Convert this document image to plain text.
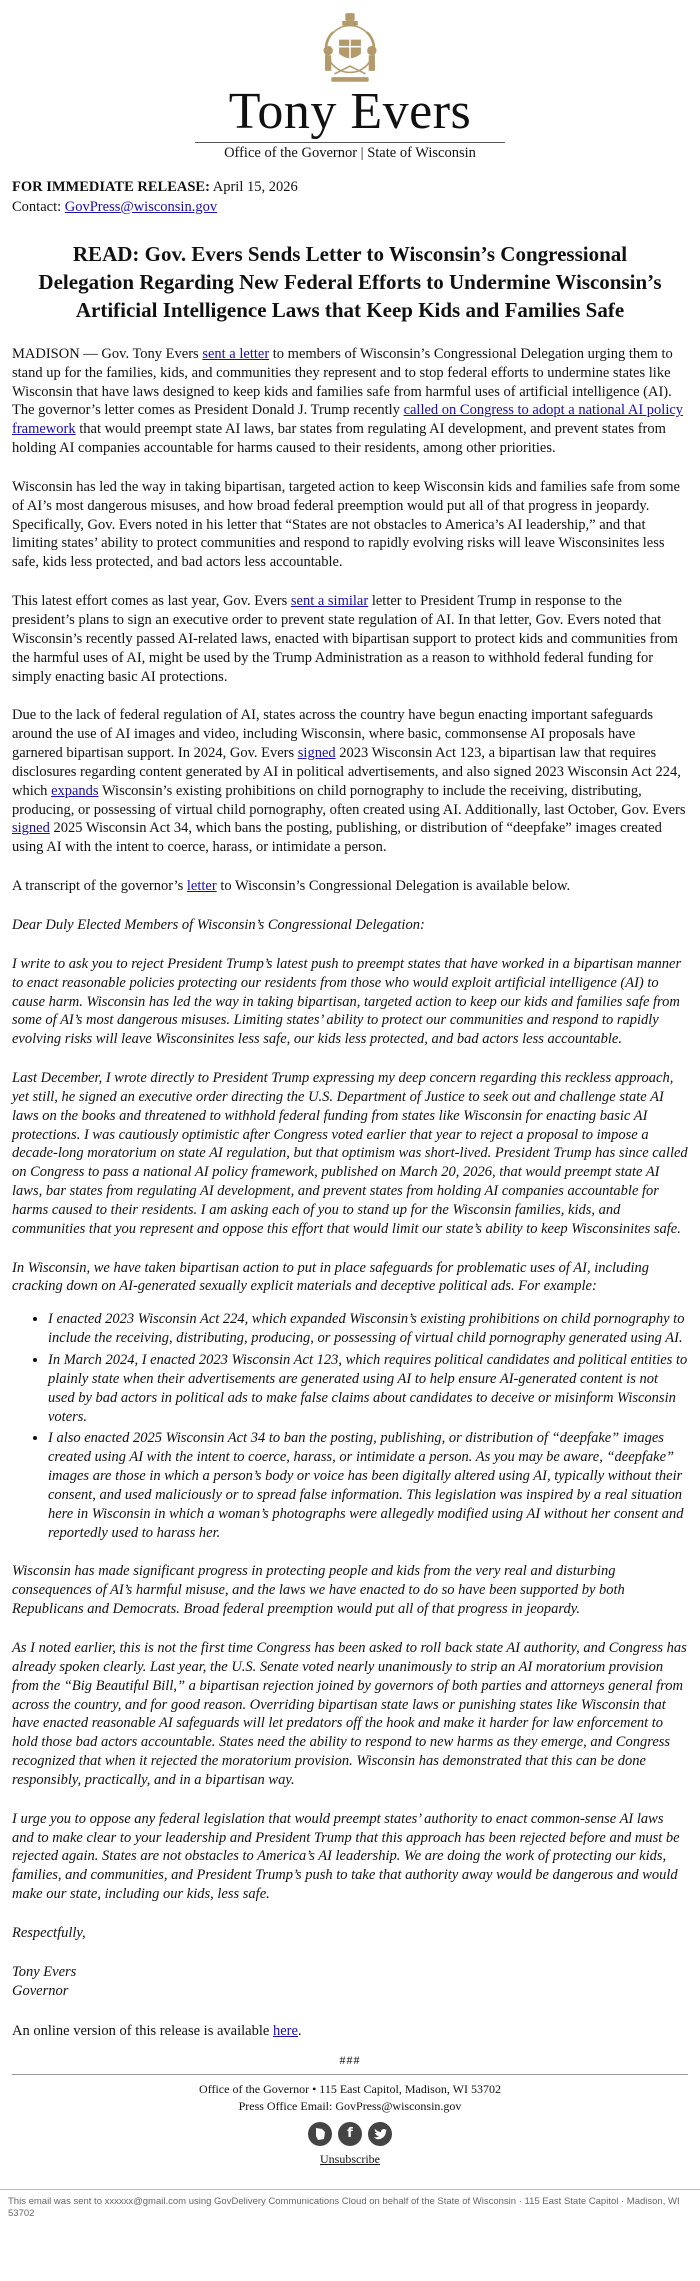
Tony Evers
Office of the Governor | State of Wisconsin
FOR IMMEDIATE RELEASE: April 15, 2026
Contact: GovPress@wisconsin.gov
READ: Gov. Evers Sends Letter to Wisconsin’s Congressional Delegation Regarding New Federal Efforts to Undermine Wisconsin’s Artificial Intelligence Laws that Keep Kids and Families Safe

MADISON — Gov. Tony Evers sent a letter to members of Wisconsin’s Congressional Delegation urging them to stand up for the families, kids, and communities they represent and to stop federal efforts to undermine states like Wisconsin that have laws designed to keep kids and families safe from harmful uses of artificial intelligence (AI). The governor’s letter comes as President Donald J. Trump recently called on Congress to adopt a national AI policy framework that would preempt state AI laws, bar states from regulating AI development, and prevent states from holding AI companies accountable for harms caused to their residents, among other priorities.

Wisconsin has led the way in taking bipartisan, targeted action to keep Wisconsin kids and families safe from some of AI’s most dangerous misuses, and how broad federal preemption would put all of that progress in jeopardy. Specifically, Gov. Evers noted in his letter that “States are not obstacles to America’s AI leadership,” and that limiting states’ ability to protect communities and respond to rapidly evolving risks will leave Wisconsinites less safe, kids less protected, and bad actors less accountable.

This latest effort comes as last year, Gov. Evers sent a similar letter to President Trump in response to the president’s plans to sign an executive order to prevent state regulation of AI. In that letter, Gov. Evers noted that Wisconsin’s recently passed AI-related laws, enacted with bipartisan support to protect kids and communities from the harmful uses of AI, might be used by the Trump Administration as a reason to withhold federal funding for simply enacting basic AI protections.

Due to the lack of federal regulation of AI, states across the country have begun enacting important safeguards around the use of AI images and video, including Wisconsin, where basic, commonsense AI proposals have garnered bipartisan support. In 2024, Gov. Evers signed 2023 Wisconsin Act 123, a bipartisan law that requires disclosures regarding content generated by AI in political advertisements, and also signed 2023 Wisconsin Act 224, which expands Wisconsin’s existing prohibitions on child pornography to include the receiving, distributing, producing, or possessing of virtual child pornography, often created using AI. Additionally, last October, Gov. Evers signed 2025 Wisconsin Act 34, which bans the posting, publishing, or distribution of “deepfake” images created using AI with the intent to coerce, harass, or intimidate a person.

A transcript of the governor’s letter to Wisconsin’s Congressional Delegation is available below.

Dear Duly Elected Members of Wisconsin’s Congressional Delegation:

I write to ask you to reject President Trump’s latest push to preempt states that have worked in a bipartisan manner to enact reasonable policies protecting our residents from those who would exploit artificial intelligence (AI) to cause harm. Wisconsin has led the way in taking bipartisan, targeted action to keep our kids and families safe from some of AI’s most dangerous misuses. Limiting states’ ability to protect our communities and respond to rapidly evolving risks will leave Wisconsinites less safe, our kids less protected, and bad actors less accountable.

Last December, I wrote directly to President Trump expressing my deep concern regarding this reckless approach, yet still, he signed an executive order directing the U.S. Department of Justice to seek out and challenge state AI laws on the books and threatened to withhold federal funding from states like Wisconsin for enacting basic AI protections. I was cautiously optimistic after Congress voted earlier that year to reject a proposal to impose a decade-long moratorium on state AI regulation, but that optimism was short-lived. President Trump has since called on Congress to pass a national AI policy framework, published on March 20, 2026, that would preempt state AI laws, bar states from regulating AI development, and prevent states from holding AI companies accountable for harms caused to their residents. I am asking each of you to stand up for the Wisconsin families, kids, and communities that you represent and oppose this effort that would limit our state’s ability to keep Wisconsinites safe.

In Wisconsin, we have taken bipartisan action to put in place safeguards for problematic uses of AI, including cracking down on AI-generated sexually explicit materials and deceptive political ads. For example:

• I enacted 2023 Wisconsin Act 224, which expanded Wisconsin’s existing prohibitions on child pornography to include the receiving, distributing, producing, or possessing of virtual child pornography generated using AI.
• In March 2024, I enacted 2023 Wisconsin Act 123, which requires political candidates and political entities to plainly state when their advertisements are generated using AI to help ensure AI-generated content is not used by bad actors in political ads to make false claims about candidates to deceive or misinform Wisconsin voters.
• I also enacted 2025 Wisconsin Act 34 to ban the posting, publishing, or distribution of “deepfake” images created using AI with the intent to coerce, harass, or intimidate a person. As you may be aware, “deepfake” images are those in which a person’s body or voice has been digitally altered using AI, typically without their consent, and used maliciously or to spread false information. This legislation was inspired by a real situation here in Wisconsin in which a woman’s photographs were allegedly modified using AI without her consent and reportedly used to harass her.

Wisconsin has made significant progress in protecting people and kids from the very real and disturbing consequences of AI’s harmful misuse, and the laws we have enacted to do so have been supported by both Republicans and Democrats. Broad federal preemption would put all of that progress in jeopardy.

As I noted earlier, this is not the first time Congress has been asked to roll back state AI authority, and Congress has already spoken clearly. Last year, the U.S. Senate voted nearly unanimously to strip an AI moratorium provision from the “Big Beautiful Bill,” a bipartisan rejection joined by governors of both parties and attorneys general from across the country, and for good reason. Overriding bipartisan state laws or punishing states like Wisconsin that have enacted reasonable AI safeguards will let predators off the hook and make it harder for law enforcement to hold those bad actors accountable. States need the ability to respond to new harms as they emerge, and Congress recognized that when it rejected the moratorium provision. Wisconsin has demonstrated that this can be done responsibly, practically, and in a bipartisan way.

I urge you to oppose any federal legislation that would preempt states’ authority to enact common-sense AI laws and to make clear to your leadership and President Trump that this approach has been rejected before and must be rejected again. States are not obstacles to America’s AI leadership. We are doing the work of protecting our kids, families, and communities, and President Trump’s push to take that authority away would be dangerous and would make our state, including our kids, less safe.

Respectfully,

Tony Evers
Governor

An online version of this release is available here.

###
Office of the Governor • 115 East Capitol, Madison, WI 53702
Press Office Email: GovPress@wisconsin.gov
f
Unsubscribe
This email was sent to xxxxxx@gmail.com using GovDelivery Communications Cloud on behalf of the State of Wisconsin · 115 East State Capitol · Madison, WI 53702
